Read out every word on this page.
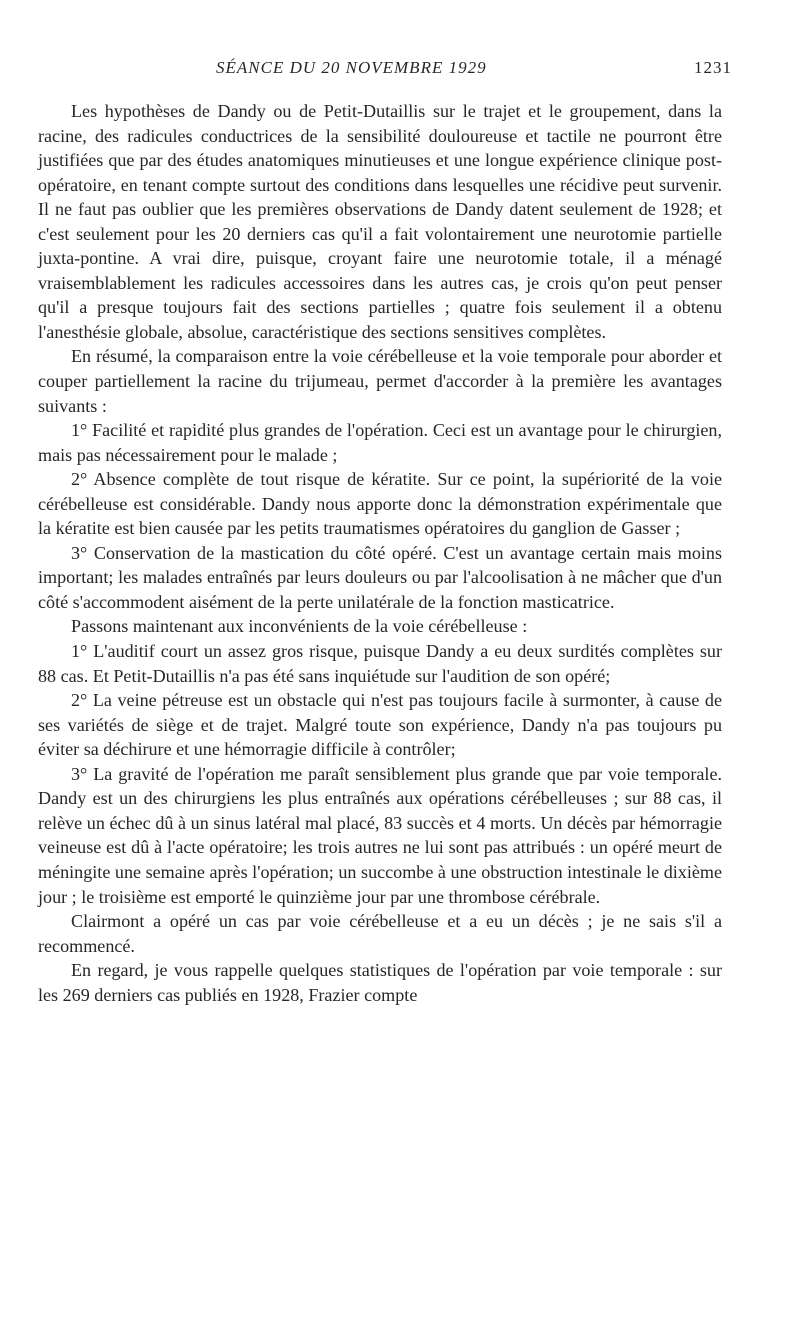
SÉANCE DU 20 NOVEMBRE 1929	1231

Les hypothèses de Dandy ou de Petit-Dutaillis sur le trajet et le groupement, dans la racine, des radicules conductrices de la sensibilité douloureuse et tactile ne pourront être justifiées que par des études anatomiques minutieuses et une longue expérience clinique post-opératoire, en tenant compte surtout des conditions dans lesquelles une récidive peut survenir. Il ne faut pas oublier que les premières observations de Dandy datent seulement de 1928; et c'est seulement pour les 20 derniers cas qu'il a fait volontairement une neurotomie partielle juxta-pontine. A vrai dire, puisque, croyant faire une neurotomie totale, il a ménagé vraisemblablement les radicules accessoires dans les autres cas, je crois qu'on peut penser qu'il a presque toujours fait des sections partielles ; quatre fois seulement il a obtenu l'anesthésie globale, absolue, caractéristique des sections sensitives complètes.

En résumé, la comparaison entre la voie cérébelleuse et la voie temporale pour aborder et couper partiellement la racine du trijumeau, permet d'accorder à la première les avantages suivants :

1° Facilité et rapidité plus grandes de l'opération. Ceci est un avantage pour le chirurgien, mais pas nécessairement pour le malade ;

2° Absence complète de tout risque de kératite. Sur ce point, la supériorité de la voie cérébelleuse est considérable. Dandy nous apporte donc la démonstration expérimentale que la kératite est bien causée par les petits traumatismes opératoires du ganglion de Gasser ;

3° Conservation de la mastication du côté opéré. C'est un avantage certain mais moins important; les malades entraînés par leurs douleurs ou par l'alcoolisation à ne mâcher que d'un côté s'accommodent aisément de la perte unilatérale de la fonction masticatrice.

Passons maintenant aux inconvénients de la voie cérébelleuse :

1° L'auditif court un assez gros risque, puisque Dandy a eu deux surdités complètes sur 88 cas. Et Petit-Dutaillis n'a pas été sans inquiétude sur l'audition de son opéré;

2° La veine pétreuse est un obstacle qui n'est pas toujours facile à surmonter, à cause de ses variétés de siège et de trajet. Malgré toute son expérience, Dandy n'a pas toujours pu éviter sa déchirure et une hémorragie difficile à contrôler;

3° La gravité de l'opération me paraît sensiblement plus grande que par voie temporale. Dandy est un des chirurgiens les plus entraînés aux opérations cérébelleuses ; sur 88 cas, il relève un échec dû à un sinus latéral mal placé, 83 succès et 4 morts. Un décès par hémorragie veineuse est dû à l'acte opératoire; les trois autres ne lui sont pas attribués : un opéré meurt de méningite une semaine après l'opération; un succombe à une obstruction intestinale le dixième jour ; le troisième est emporté le quinzième jour par une thrombose cérébrale.

Clairmont a opéré un cas par voie cérébelleuse et a eu un décès ; je ne sais s'il a recommencé.

En regard, je vous rappelle quelques statistiques de l'opération par voie temporale : sur les 269 derniers cas publiés en 1928, Frazier compte
